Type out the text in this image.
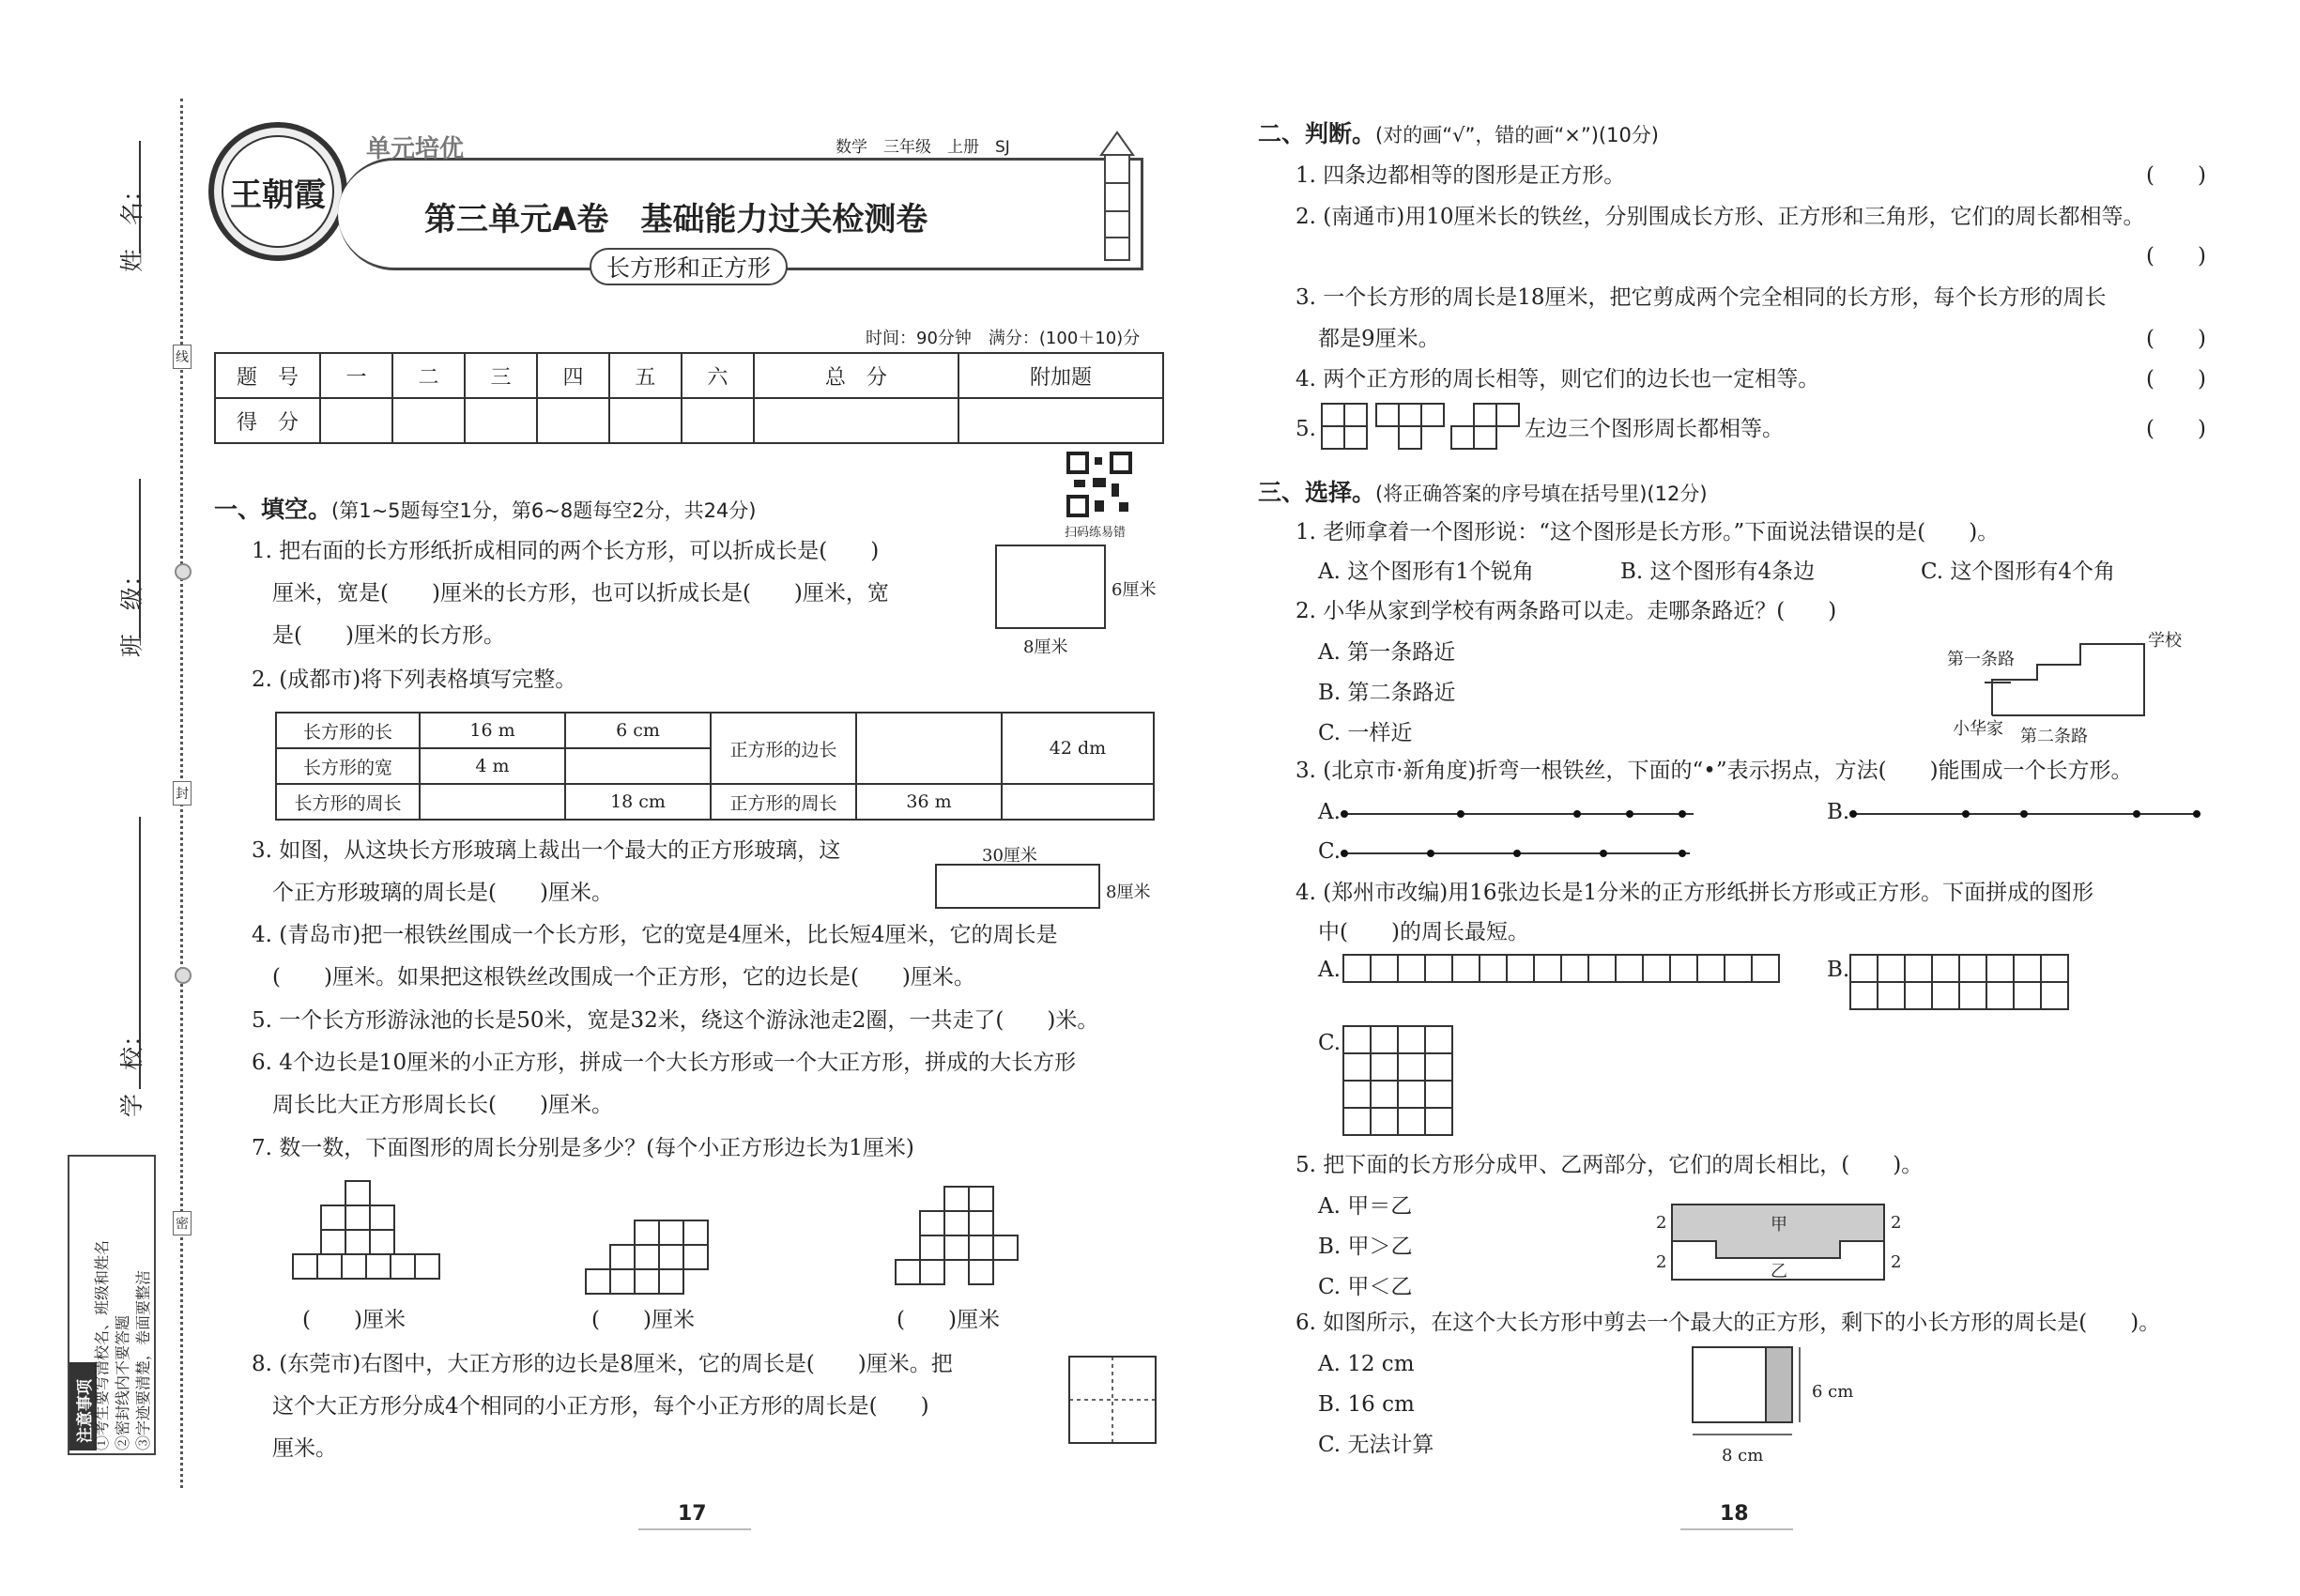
姓　名：
班　级：
学　校：
线
封
密
注意事项
①考生要写清校名、班级和姓名 ②密封线内不要答题 ③字迹要清楚，卷面要整洁
王朝霞
单元培优	数学　三年级　上册　SJ
第三单元A卷　基础能力过关检测卷
长方形和正方形
时间：90分钟　满分：(100＋10)分
题　号	一	二	三	四	五	六	总　分	附加题
得　分								
扫码练易错
一、填空。(第1~5题每空1分，第6~8题每空2分，共24分)
1. 把右面的长方形纸折成相同的两个长方形，可以折成长是(　　)
厘米，宽是(　　)厘米的长方形，也可以折成长是(　　)厘米，宽
是(　　)厘米的长方形。
6厘米
8厘米
2. (成都市)将下列表格填写完整。
长方形的长	16 m	6 cm	正方形的边长		42 dm
长方形的宽	4 m				
长方形的周长		18 cm	正方形的周长	36 m	
3. 如图，从这块长方形玻璃上裁出一个最大的正方形玻璃，这
个正方形玻璃的周长是(　　)厘米。
30厘米
8厘米
4. (青岛市)把一根铁丝围成一个长方形，它的宽是4厘米，比长短4厘米，它的周长是
(　　)厘米。如果把这根铁丝改围成一个正方形，它的边长是(　　)厘米。
5. 一个长方形游泳池的长是50米，宽是32米，绕这个游泳池走2圈，一共走了(　　)米。
6. 4个边长是10厘米的小正方形，拼成一个大长方形或一个大正方形，拼成的大长方形
周长比大正方形周长长(　　)厘米。
7. 数一数，下面图形的周长分别是多少？(每个小正方形边长为1厘米)
(　　)厘米	(　　)厘米	(　　)厘米
8. (东莞市)右图中，大正方形的边长是8厘米，它的周长是(　　)厘米。把
这个大正方形分成4个相同的小正方形，每个小正方形的周长是(　　)
厘米。
17
二、判断。(对的画“√”，错的画“×”)(10分)
1. 四条边都相等的图形是正方形。	(　　)
2. (南通市)用10厘米长的铁丝，分别围成长方形、正方形和三角形，它们的周长都相等。
(　　)
3. 一个长方形的周长是18厘米，把它剪成两个完全相同的长方形，每个长方形的周长
都是9厘米。	(　　)
4. 两个正方形的周长相等，则它们的边长也一定相等。	(　　)
5.	左边三个图形周长都相等。	(　　)
三、选择。(将正确答案的序号填在括号里)(12分)
1. 老师拿着一个图形说：“这个图形是长方形。”下面说法错误的是(　　)。
A. 这个图形有1个锐角	B. 这个图形有4条边	C. 这个图形有4个角
2. 小华从家到学校有两条路可以走。走哪条路近？(　　)
A. 第一条路近
B. 第二条路近
C. 一样近
第一条路
学校
小华家 第二条路
3. (北京市·新角度)折弯一根铁丝，下面的“•”表示拐点，方法(　　)能围成一个长方形。
A.	B.
C.
4. (郑州市改编)用16张边长是1分米的正方形纸拼长方形或正方形。下面拼成的图形
中(　　)的周长最短。
A.	B.
C.
5. 把下面的长方形分成甲、乙两部分，它们的周长相比，(　　)。
A. 甲＝乙
B. 甲＞乙
C. 甲＜乙
甲
乙
2
2
2
2
6. 如图所示，在这个大长方形中剪去一个最大的正方形，剩下的小长方形的周长是(　　)。
A. 12 cm
B. 16 cm
C. 无法计算
6 cm
8 cm
18
